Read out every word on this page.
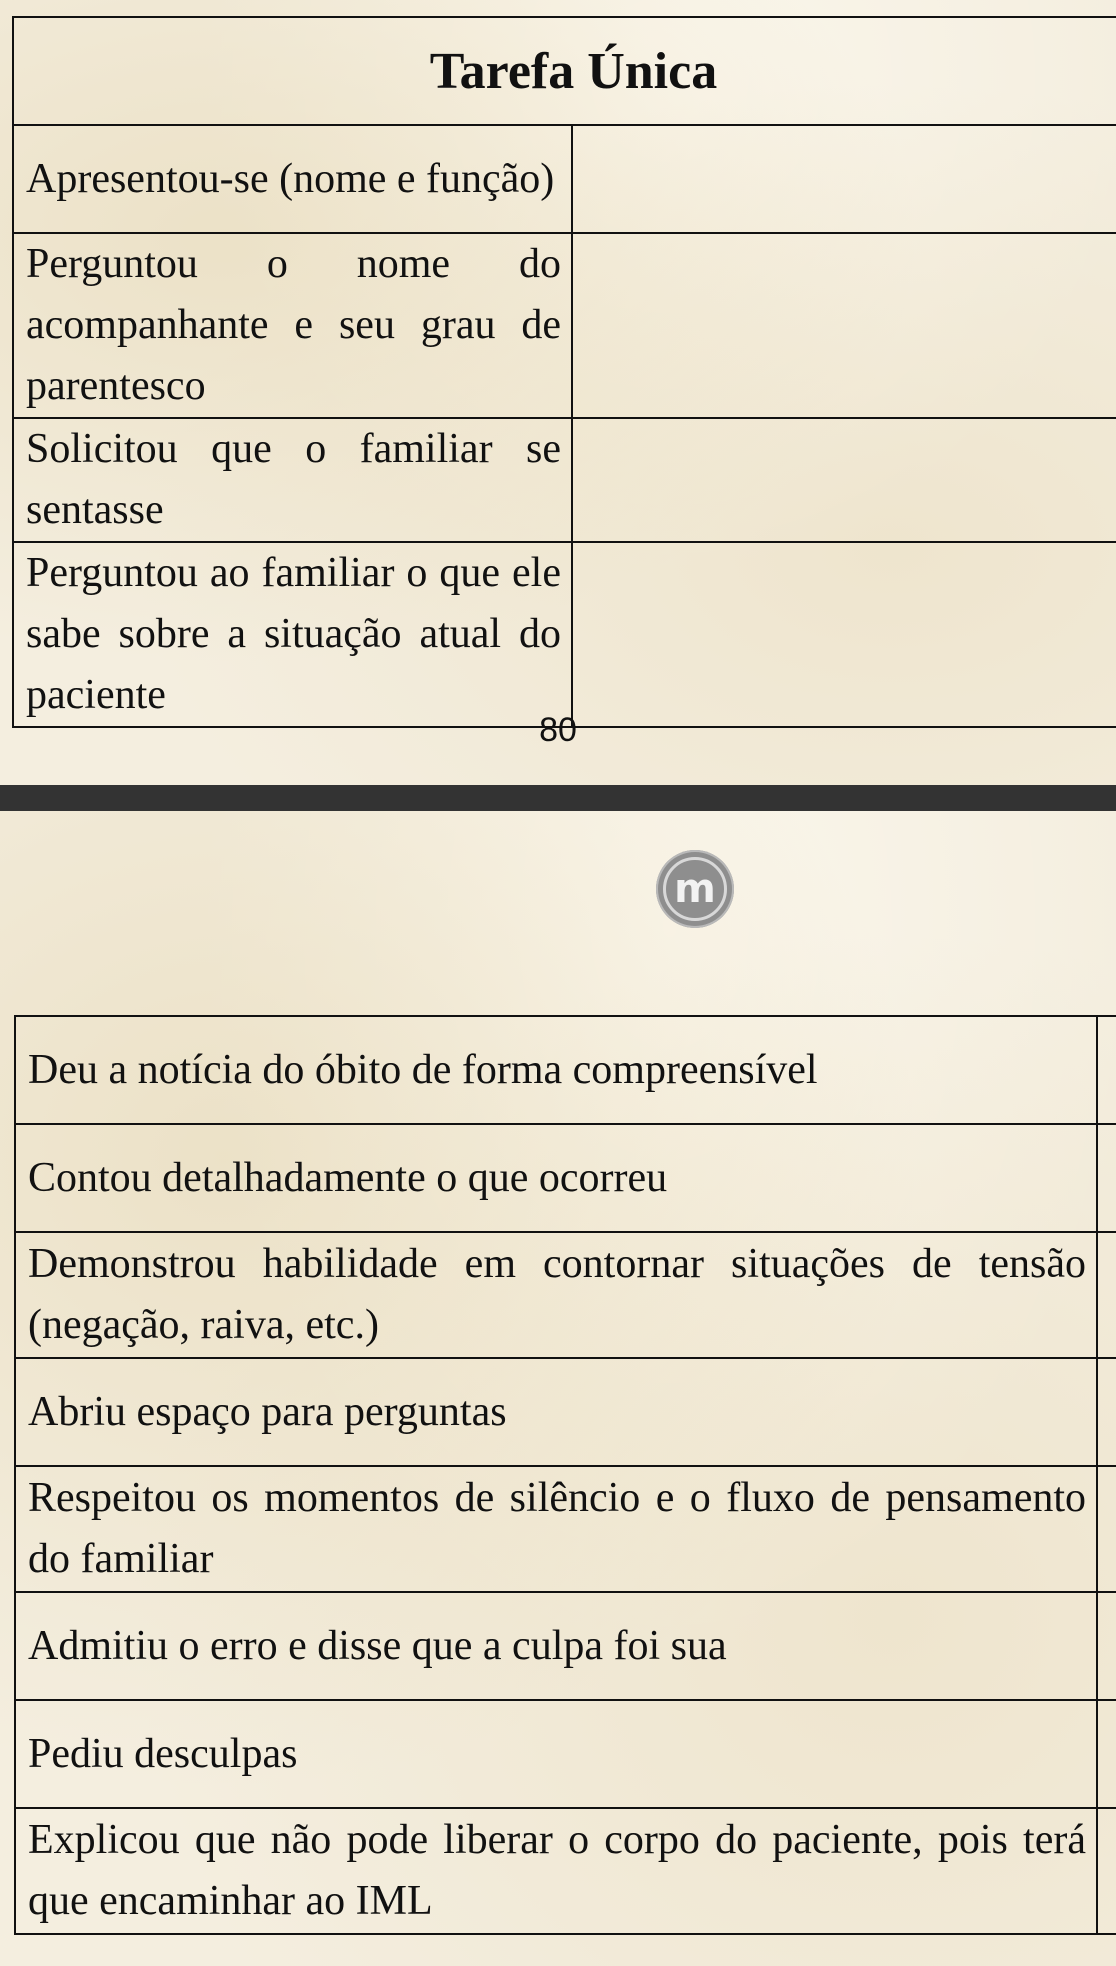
Tarefa Única	
Apresentou-se (nome e função)	
Perguntou o nome do acompanhante e seu grau de parentesco	
Solicitou que o familiar se sentasse	
Perguntou ao familiar o que ele sabe sobre a situação atual do paciente	
80
m
Deu a notícia do óbito de forma compreensível	
Contou detalhadamente o que ocorreu	
Demonstrou habilidade em contornar situações de tensão (negação, raiva, etc.)	
Abriu espaço para perguntas	
Respeitou os momentos de silêncio e o fluxo de pensamento do familiar	
Admitiu o erro e disse que a culpa foi sua	
Pediu desculpas	
Explicou que não pode liberar o corpo do paciente, pois terá que encaminhar ao IML	
